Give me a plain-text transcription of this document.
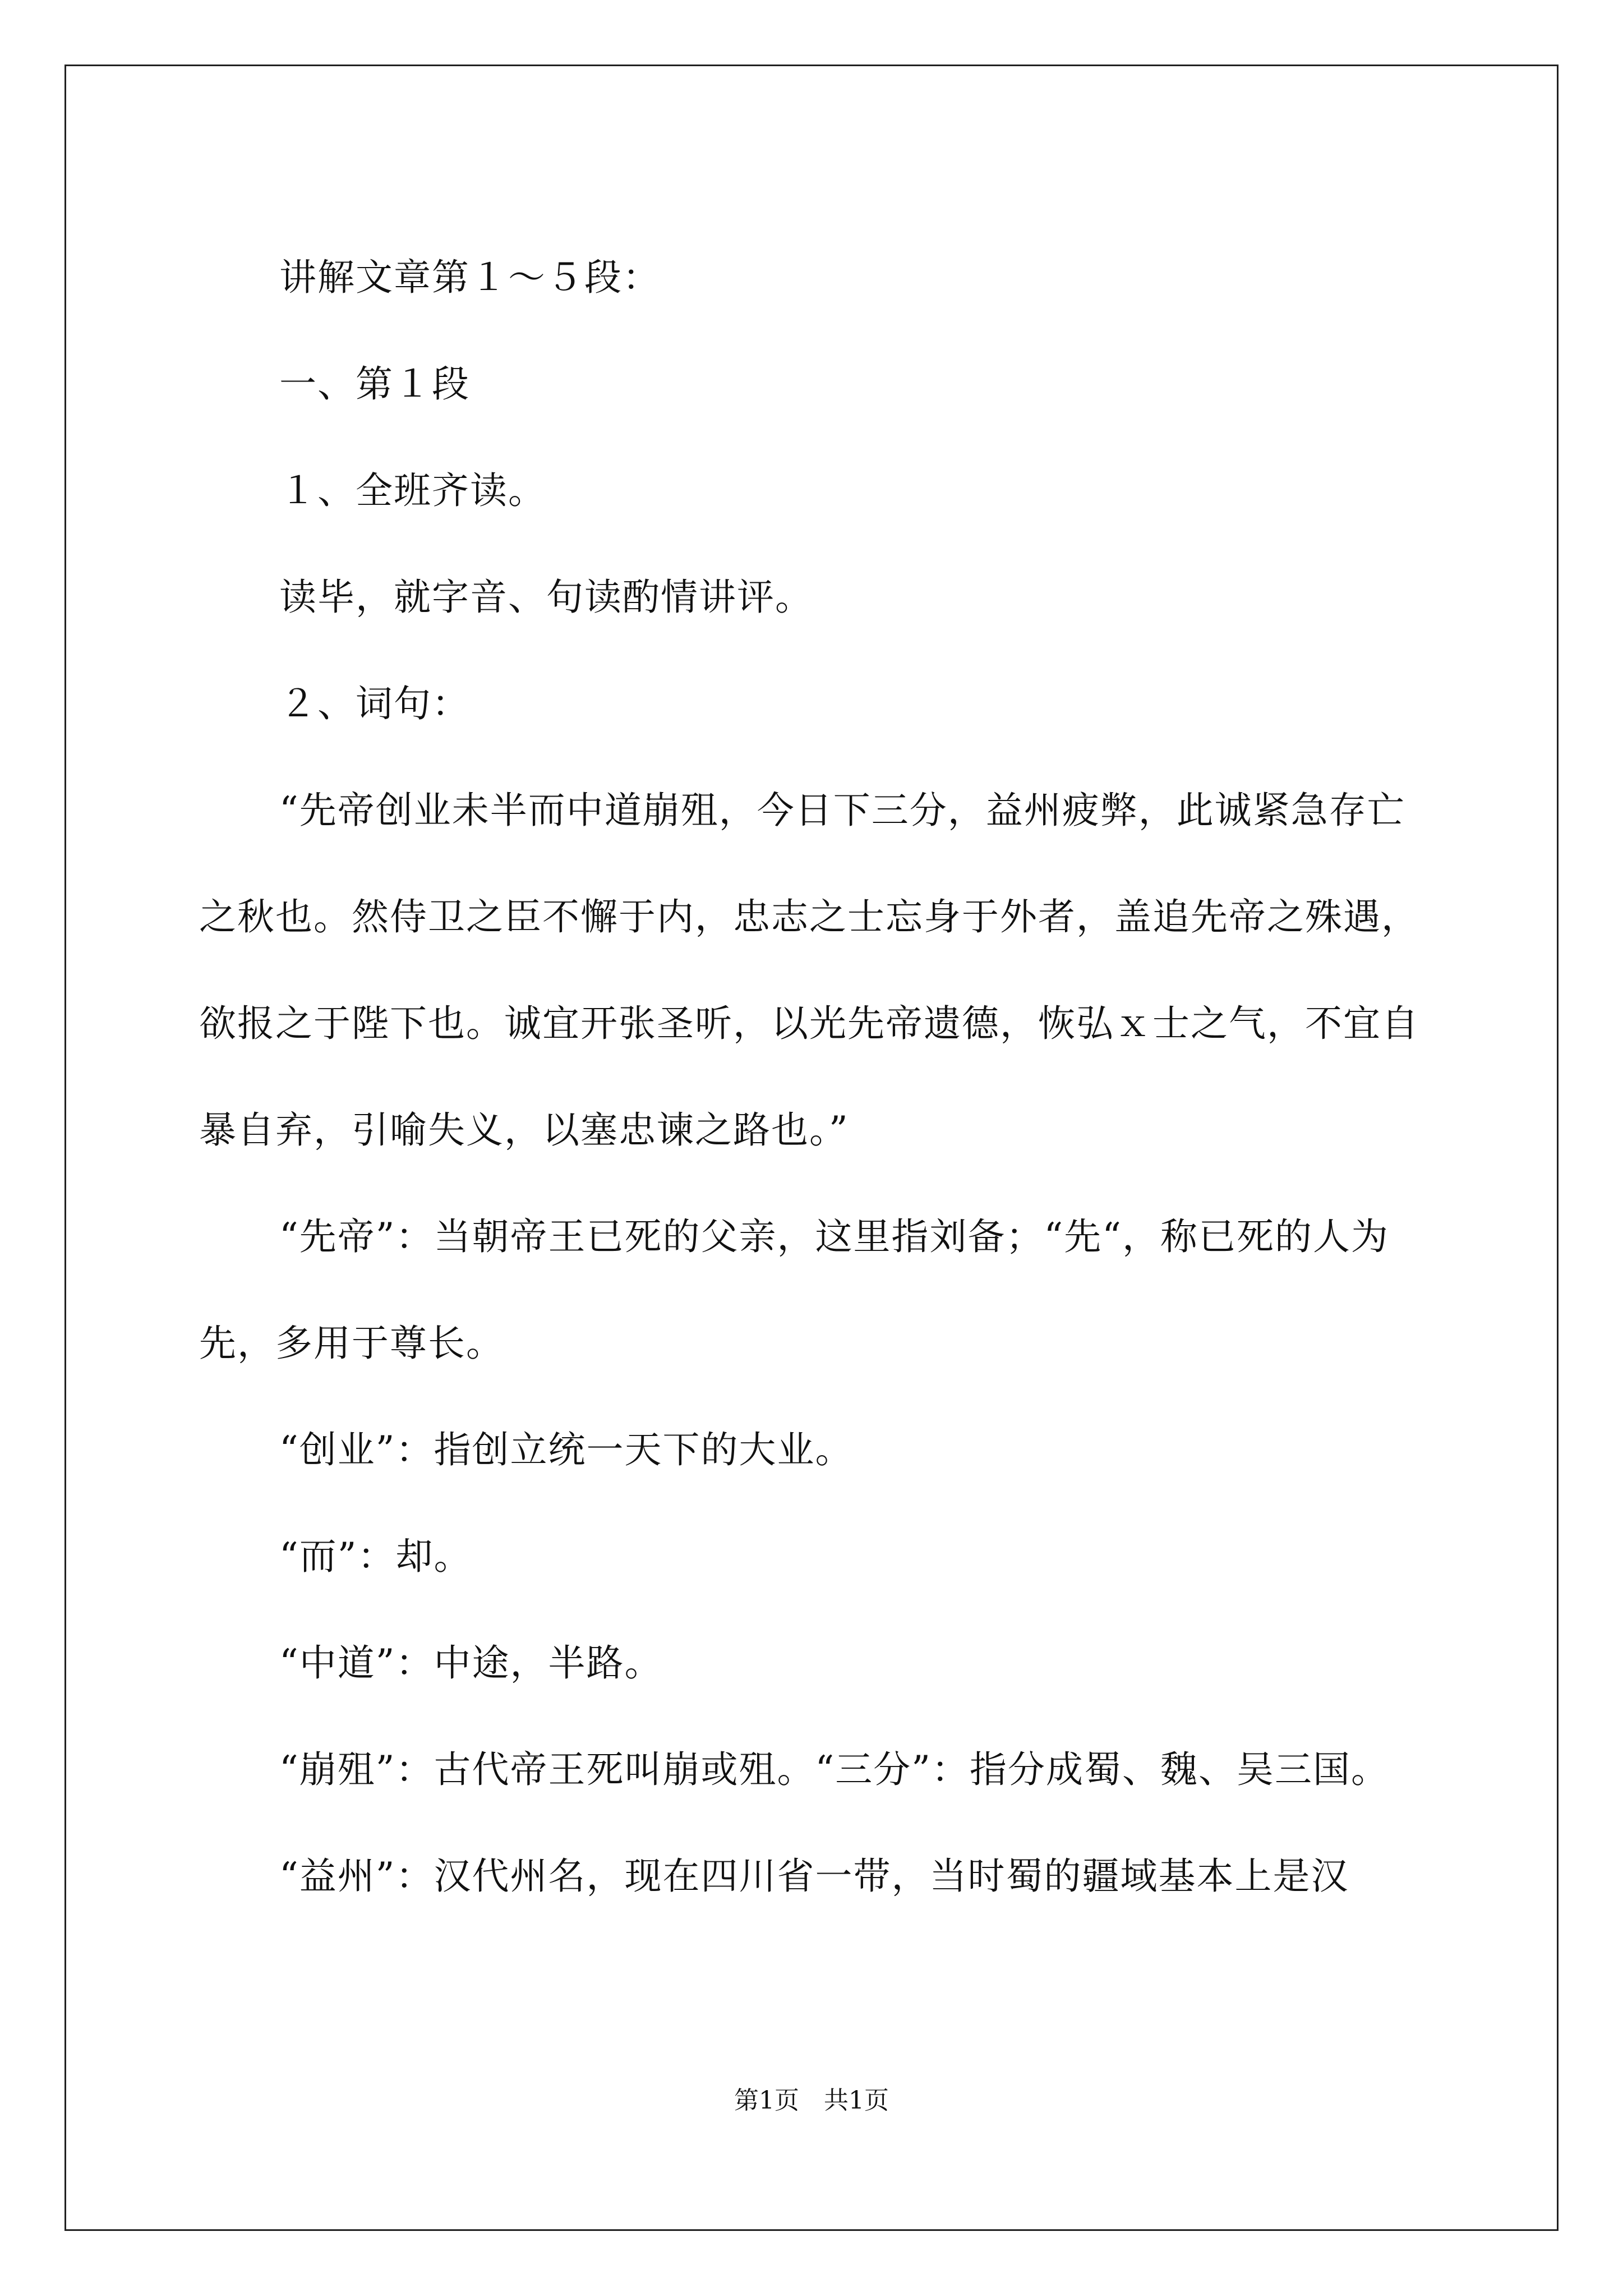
讲解文章第１～５段：

一、第１段

１、全班齐读。

读毕，就字音、句读酌情讲评。

２、词句：

“先帝创业未半而中道崩殂，今日下三分，益州疲弊，此诚紧急存亡之秋也。然侍卫之臣不懈于内，忠志之士忘身于外者，盖追先帝之殊遇，欲报之于陛下也。诚宜开张圣听，以光先帝遗德，恢弘ｘ士之气，不宜自暴自弃，引喻失义，以塞忠谏之路也。”

“先帝”：当朝帝王已死的父亲，这里指刘备；“先“，称已死的人为先，多用于尊长。

“创业”：指创立统一天下的大业。

“而”：却。

“中道”：中途，半路。

“崩殂”：古代帝王死叫崩或殂。“三分”：指分成蜀、魏、吴三国。

“益州”：汉代州名，现在四川省一带，当时蜀的疆域基本上是汉

第1页　共1页
